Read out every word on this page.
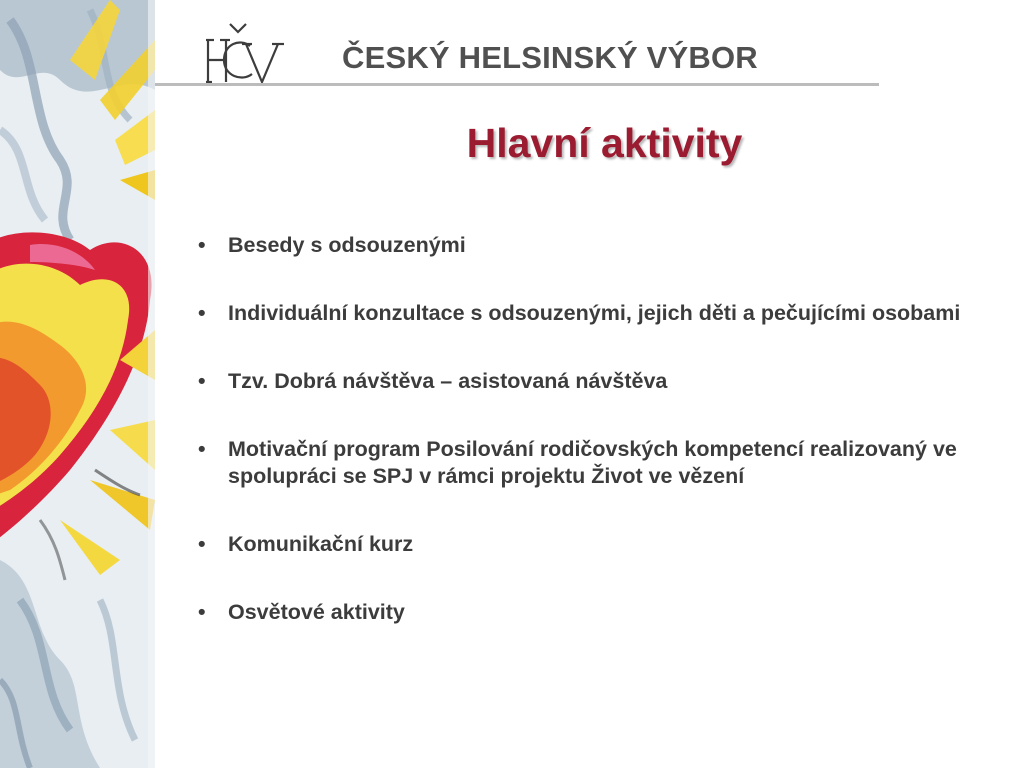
ČESKÝ HELSINSKÝ VÝBOR
Hlavní aktivity
• Besedy s odsouzenými
• Individuální konzultace s odsouzenými, jejich děti a pečujícími osobami
• Tzv. Dobrá návštěva – asistovaná návštěva
• Motivační program Posilování rodičovských kompetencí realizovaný ve spolupráci se SPJ v rámci projektu Život ve vězení
• Komunikační kurz
• Osvětové aktivity
